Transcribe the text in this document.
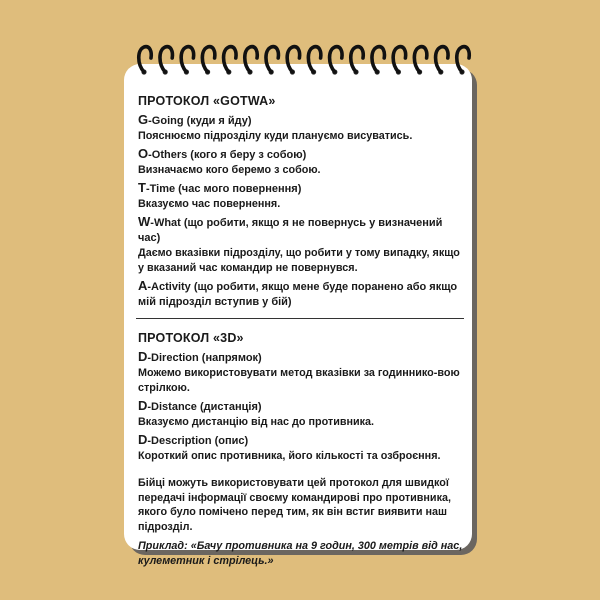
ПРОТОКОЛ «GOTWA»
G-Going (куди я йду)
Пояснюємо підрозділу куди плануємо висуватись.
O-Others (кого я беру з собою)
Визначаємо кого беремо з собою.
T-Time (час мого повернення)
Вказуємо час повернення.
W-What (що робити, якщо я не повернусь у визначений час)
Даємо вказівки підрозділу, що робити у тому випадку, якщо у вказаний час командир не повернувся.
A-Activity (що робити, якщо мене буде поранено або якщо мій підрозділ вступив у бій)
ПРОТОКОЛ «3D»
D-Direction (напрямок)
Можемо використовувати метод вказівки за годиннико-вою стрілкою.
D-Distance (дистанція)
Вказуємо дистанцію від нас до противника.
D-Description (опис)
Короткий опис противника, його кількості та озброєння.
Бійці можуть використовувати цей протокол для швидкої передачі інформації своєму командирові про противника, якого було помічено перед тим, як він встиг виявити наш підрозділ.
Приклад: «Бачу противника на 9 годин, 300 метрів від нас, кулеметник і стрілець.»
